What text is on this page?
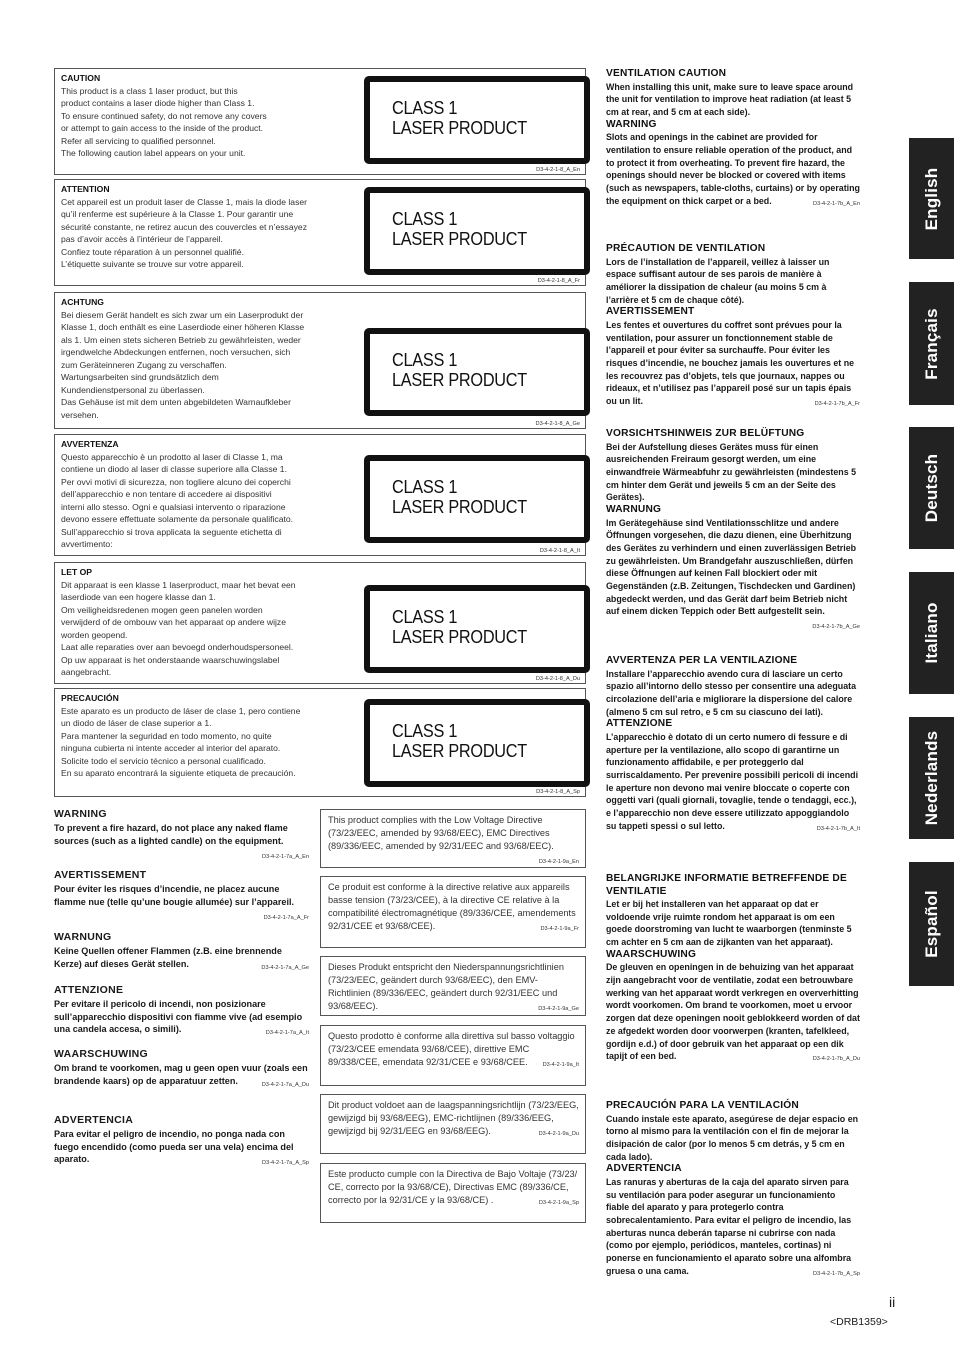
CAUTION
This product is a class 1 laser product, but this
product contains a laser diode higher than Class 1.
To ensure continued safety, do not remove any covers
or attempt to gain access to the inside of the product.
Refer all servicing to qualified personnel.
The following caution label appears on your unit.
CLASS 1
LASER PRODUCT
D3-4-2-1-8_A_En
ATTENTION
Cet appareil est un produit laser de Classe 1, mais la diode laser
qu’il renferme est supérieure à la Classe 1. Pour garantir une
sécurité constante, ne retirez aucun des couvercles et n’essayez
pas d’avoir accès à l’intérieur de l’appareil.
Confiez toute réparation à un personnel qualifié.
L’étiquette suivante se trouve sur votre appareil.
CLASS 1
LASER PRODUCT
D3-4-2-1-8_A_Fr
ACHTUNG
Bei diesem Gerät handelt es sich zwar um ein Laserprodukt der
Klasse 1, doch enthält es eine Laserdiode einer höheren Klasse
als 1. Um einen stets sicheren Betrieb zu gewährleisten, weder
irgendwelche Abdeckungen entfernen, noch versuchen, sich
zum Geräteinneren Zugang zu verschaffen.
Wartungsarbeiten sind grundsätzlich dem
Kundendienstpersonal zu überlassen.
Das Gehäuse ist mit dem unten abgebildeten Warnaufkleber
versehen.
CLASS 1
LASER PRODUCT
D3-4-2-1-8_A_Ge
AVVERTENZA
Questo apparecchio è un prodotto al laser di Classe 1, ma
contiene un diodo al laser di classe superiore alla Classe 1.
Per ovvi motivi di sicurezza, non togliere alcuno dei coperchi
dell’apparecchio e non tentare di accedere ai dispositivi
interni allo stesso. Ogni e qualsiasi intervento o riparazione
devono essere effettuate solamente da personale qualificato.
Sull’apparecchio si trova applicata la seguente etichetta di
avvertimento:
CLASS 1
LASER PRODUCT
D3-4-2-1-8_A_It
LET OP
Dit apparaat is een klasse 1 laserproduct, maar het bevat een
laserdiode van een hogere klasse dan 1.
Om veiligheidsredenen mogen geen panelen worden
verwijderd of de ombouw van het apparaat op andere wijze
worden geopend.
Laat alle reparaties over aan bevoegd onderhoudspersoneel.
Op uw apparaat is het onderstaande waarschuwingslabel
aangebracht.
CLASS 1
LASER PRODUCT
D3-4-2-1-8_A_Du
PRECAUCIÓN
Este aparato es un producto de láser de clase 1, pero contiene
un diodo de láser de clase superior a 1.
Para mantener la seguridad en todo momento, no quite
ninguna cubierta ni intente acceder al interior del aparato.
Solicite todo el servicio técnico a personal cualificado.
En su aparato encontrará la siguiente etiqueta de precaución.
CLASS 1
LASER PRODUCT
D3-4-2-1-8_A_Sp
WARNING
To prevent a fire hazard, do not place any naked flame sources (such as a lighted candle) on the equipment.
D3-4-2-1-7a_A_En
AVERTISSEMENT
Pour éviter les risques d’incendie, ne placez aucune flamme nue (telle qu’une bougie allumée) sur l’appareil.
D3-4-2-1-7a_A_Fr
WARNUNG
Keine Quellen offener Flammen (z.B. eine brennende Kerze) auf dieses Gerät stellen.	D3-4-2-1-7a_A_Ge
ATTENZIONE
Per evitare il pericolo di incendi, non posizionare sull’apparecchio dispositivi con fiamme vive (ad esempio una candela accesa, o simili).	D3-4-2-1-7a_A_It
WAARSCHUWING
Om brand te voorkomen, mag u geen open vuur (zoals een brandende kaars) op de apparatuur zetten.	D3-4-2-1-7a_A_Du
ADVERTENCIA
Para evitar el peligro de incendio, no ponga nada con fuego encendido (como pueda ser una vela) encima del aparato.	D3-4-2-1-7a_A_Sp
This product complies with the Low Voltage Directive (73/23/EEC, amended by 93/68/EEC), EMC Directives (89/336/EEC, amended by 92/31/EEC and 93/68/EEC).
D3-4-2-1-9a_En
Ce produit est conforme à la directive relative aux appareils basse tension (73/23/CEE), à la directive CE relative à la compatibilité électromagnétique (89/336/CEE, amendements 92/31/CEE et 93/68/CEE).	D3-4-2-1-9a_Fr
Dieses Produkt entspricht den Niederspannungsrichtlinien (73/23/EEC, geändert durch 93/68/EEC), den EMV-Richtlinien (89/336/EEC, geändert durch 92/31/EEC und 93/68/EEC).	D3-4-2-1-9a_Ge
Questo prodotto è conforme alla direttiva sul basso voltaggio (73/23/CEE emendata 93/68/CEE), direttive EMC 89/338/CEE, emendata 92/31/CEE e 93/68/CEE.	D3-4-2-1-9a_It
Dit product voldoet aan de laagspanningsrichtlijn (73/23/EEG, gewijzigd bij 93/68/EEG), EMC-richtlijnen (89/336/EEG, gewijzigd bij 92/31/EEG en 93/68/EEG).	D3-4-2-1-9a_Du
Este producto cumple con la Directiva de Bajo Voltaje (73/23/ CE, correcto por la 93/68/CE), Directivas EMC (89/336/CE, correcto por la 92/31/CE y la 93/68/CE) .	D3-4-2-1-9a_Sp
VENTILATION CAUTION
When installing this unit, make sure to leave space around the unit for ventilation to improve heat radiation (at least 5 cm at rear, and 5 cm at each side).
WARNING
Slots and openings in the cabinet are provided for ventilation to ensure reliable operation of the product, and to protect it from overheating. To prevent fire hazard, the openings should never be blocked or covered with items (such as newspapers, table-cloths, curtains) or by operating the equipment on thick carpet or a bed.	D3-4-2-1-7b_A_En
PRÉCAUTION DE VENTILATION
Lors de l’installation de l’appareil, veillez à laisser un espace suffisant autour de ses parois de manière à améliorer la dissipation de chaleur (au moins 5 cm à l’arrière et 5 cm de chaque côté).
AVERTISSEMENT
Les fentes et ouvertures du coffret sont prévues pour la ventilation, pour assurer un fonctionnement stable de l’appareil et pour éviter sa surchauffe. Pour éviter les risques d’incendie, ne bouchez jamais les ouvertures et ne les recouvrez pas d’objets, tels que journaux, nappes ou rideaux, et n’utilisez pas l’appareil posé sur un tapis épais ou un lit.	D3-4-2-1-7b_A_Fr
VORSICHTSHINWEIS ZUR BELÜFTUNG
Bei der Aufstellung dieses Gerätes muss für einen ausreichenden Freiraum gesorgt werden, um eine einwandfreie Wärmeabfuhr zu gewährleisten (mindestens 5 cm hinter dem Gerät und jeweils 5 cm an der Seite des Gerätes).
WARNUNG
Im Gerätegehäuse sind Ventilationsschlitze und andere Öffnungen vorgesehen, die dazu dienen, eine Überhitzung des Gerätes zu verhindern und einen zuverlässigen Betrieb zu gewährleisten. Um Brandgefahr auszuschließen, dürfen diese Öffnungen auf keinen Fall blockiert oder mit Gegenständen (z.B. Zeitungen, Tischdecken und Gardinen) abgedeckt werden, und das Gerät darf beim Betrieb nicht auf einem dicken Teppich oder Bett aufgestellt sein.
D3-4-2-1-7b_A_Ge
AVVERTENZA PER LA VENTILAZIONE
Installare l’apparecchio avendo cura di lasciare un certo spazio all’intorno dello stesso per consentire una adeguata circolazione dell’aria e migliorare la dispersione del calore (almeno 5 cm sul retro, e 5 cm su ciascuno dei lati).
ATTENZIONE
L’apparecchio è dotato di un certo numero di fessure e di aperture per la ventilazione, allo scopo di garantirne un funzionamento affidabile, e per proteggerlo dal surriscaldamento. Per prevenire possibili pericoli di incendi le aperture non devono mai venire bloccate o coperte con oggetti vari (quali giornali, tovaglie, tende o tendaggi, ecc.), e l’apparecchio non deve essere utilizzato appoggiandolo su tappeti spessi o sul letto.	D3-4-2-1-7b_A_It
BELANGRIJKE INFORMATIE BETREFFENDE DE VENTILATIE
Let er bij het installeren van het apparaat op dat er voldoende vrije ruimte rondom het apparaat is om een goede doorstroming van lucht te waarborgen (tenminste 5 cm achter en 5 cm aan de zijkanten van het apparaat).
WAARSCHUWING
De gleuven en openingen in de behuizing van het apparaat zijn aangebracht voor de ventilatie, zodat een betrouwbare werking van het apparaat wordt verkregen en oververhitting wordt voorkomen. Om brand te voorkomen, moet u ervoor zorgen dat deze openingen nooit geblokkeerd worden of dat ze afgedekt worden door voorwerpen (kranten, tafelkleed, gordijn e.d.) of door gebruik van het apparaat op een dik tapijt of een bed.	D3-4-2-1-7b_A_Du
PRECAUCIÓN PARA LA VENTILACIÓN
Cuando instale este aparato, asegúrese de dejar espacio en torno al mismo para la ventilación con el fin de mejorar la disipación de calor (por lo menos 5 cm detrás, y 5 cm en cada lado).
ADVERTENCIA
Las ranuras y aberturas de la caja del aparato sirven para su ventilación para poder asegurar un funcionamiento fiable del aparato y para protegerlo contra sobrecalentamiento. Para evitar el peligro de incendio, las aberturas nunca deberán taparse ni cubrirse con nada (como por ejemplo, periódicos, manteles, cortinas) ni ponerse en funcionamiento el aparato sobre una alfombra gruesa o una cama.	D3-4-2-1-7b_A_Sp
English
Français
Deutsch
Italiano
Nederlands
Español
ii
<DRB1359>
